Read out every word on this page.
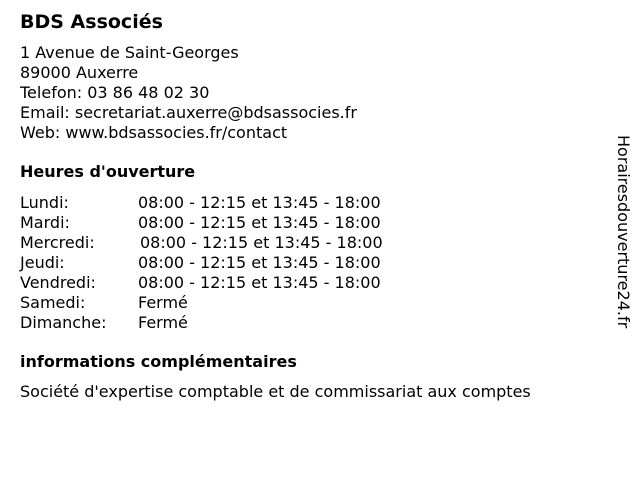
BDS Associés
1 Avenue de Saint-Georges
89000 Auxerre
Telefon: 03 86 48 02 30
Email: secretariat.auxerre@bdsassocies.fr
Web: www.bdsassocies.fr/contact
Heures d'ouverture
Lundi:	08:00 - 12:15 et 13:45 - 18:00
Mardi:	08:00 - 12:15 et 13:45 - 18:00
Mercredi:	08:00 - 12:15 et 13:45 - 18:00
Jeudi:	08:00 - 12:15 et 13:45 - 18:00
Vendredi:	08:00 - 12:15 et 13:45 - 18:00
Samedi:	Fermé
Dimanche:	Fermé
informations complémentaires
Société d'expertise comptable et de commissariat aux comptes
Horairesdouverture24.fr
